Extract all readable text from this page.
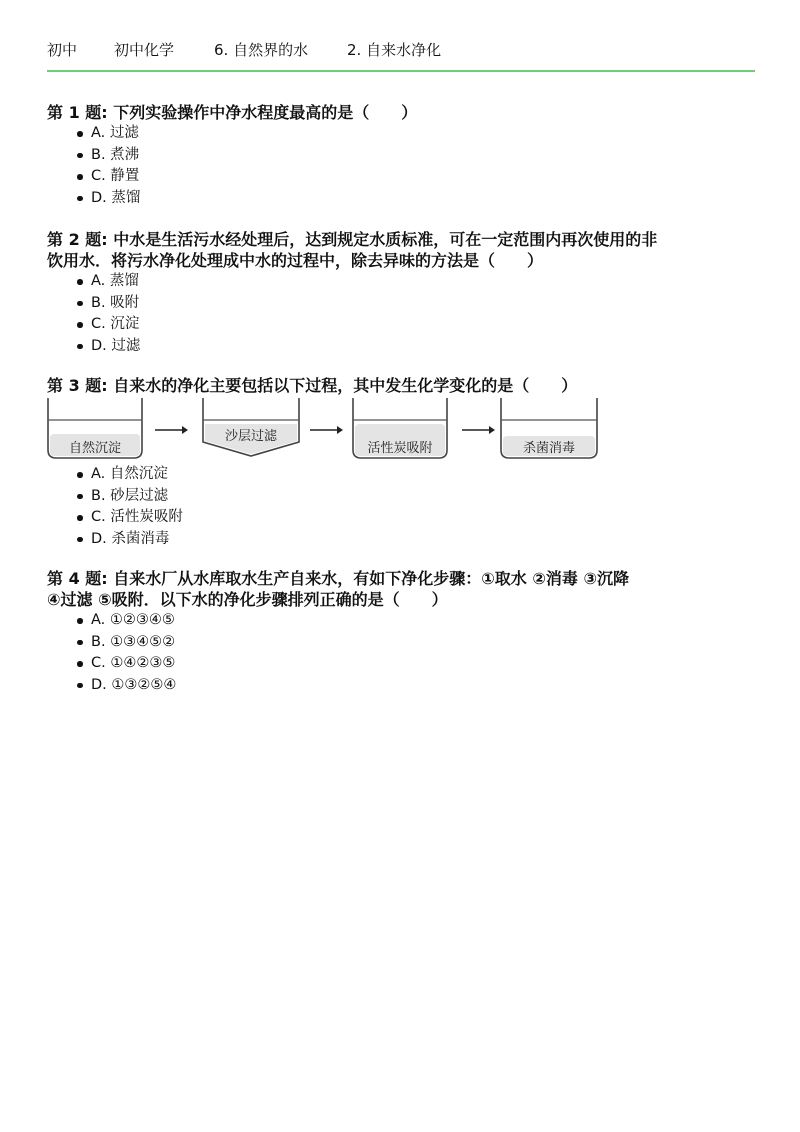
初中 初中化学	6. 自然界的水	2. 自来水净化

第 1 题: 下列实验操作中净水程度最高的是（　　）

A. 过滤
B. 煮沸
C. 静置
D. 蒸馏

第 2 题: 中水是生活污水经处理后，达到规定水质标准，可在一定范围内再次使用的非
饮用水．将污水净化处理成中水的过程中，除去异味的方法是（　　）

A. 蒸馏
B. 吸附
C. 沉淀
D. 过滤

第 3 题: 自来水的净化主要包括以下过程，其中发生化学变化的是（　　）

自然沉淀
沙层过滤
活性炭吸附	杀菌消毒
A. 自然沉淀
B. 砂层过滤
C. 活性炭吸附
D. 杀菌消毒

第 4 题: 自来水厂从水库取水生产自来水，有如下净化步骤：①取水 ②消毒 ③沉降
④过滤 ⑤吸附．以下水的净化步骤排列正确的是（　　）

A. ①②③④⑤
B. ①③④⑤②
C. ①④②③⑤
D. ①③②⑤④
